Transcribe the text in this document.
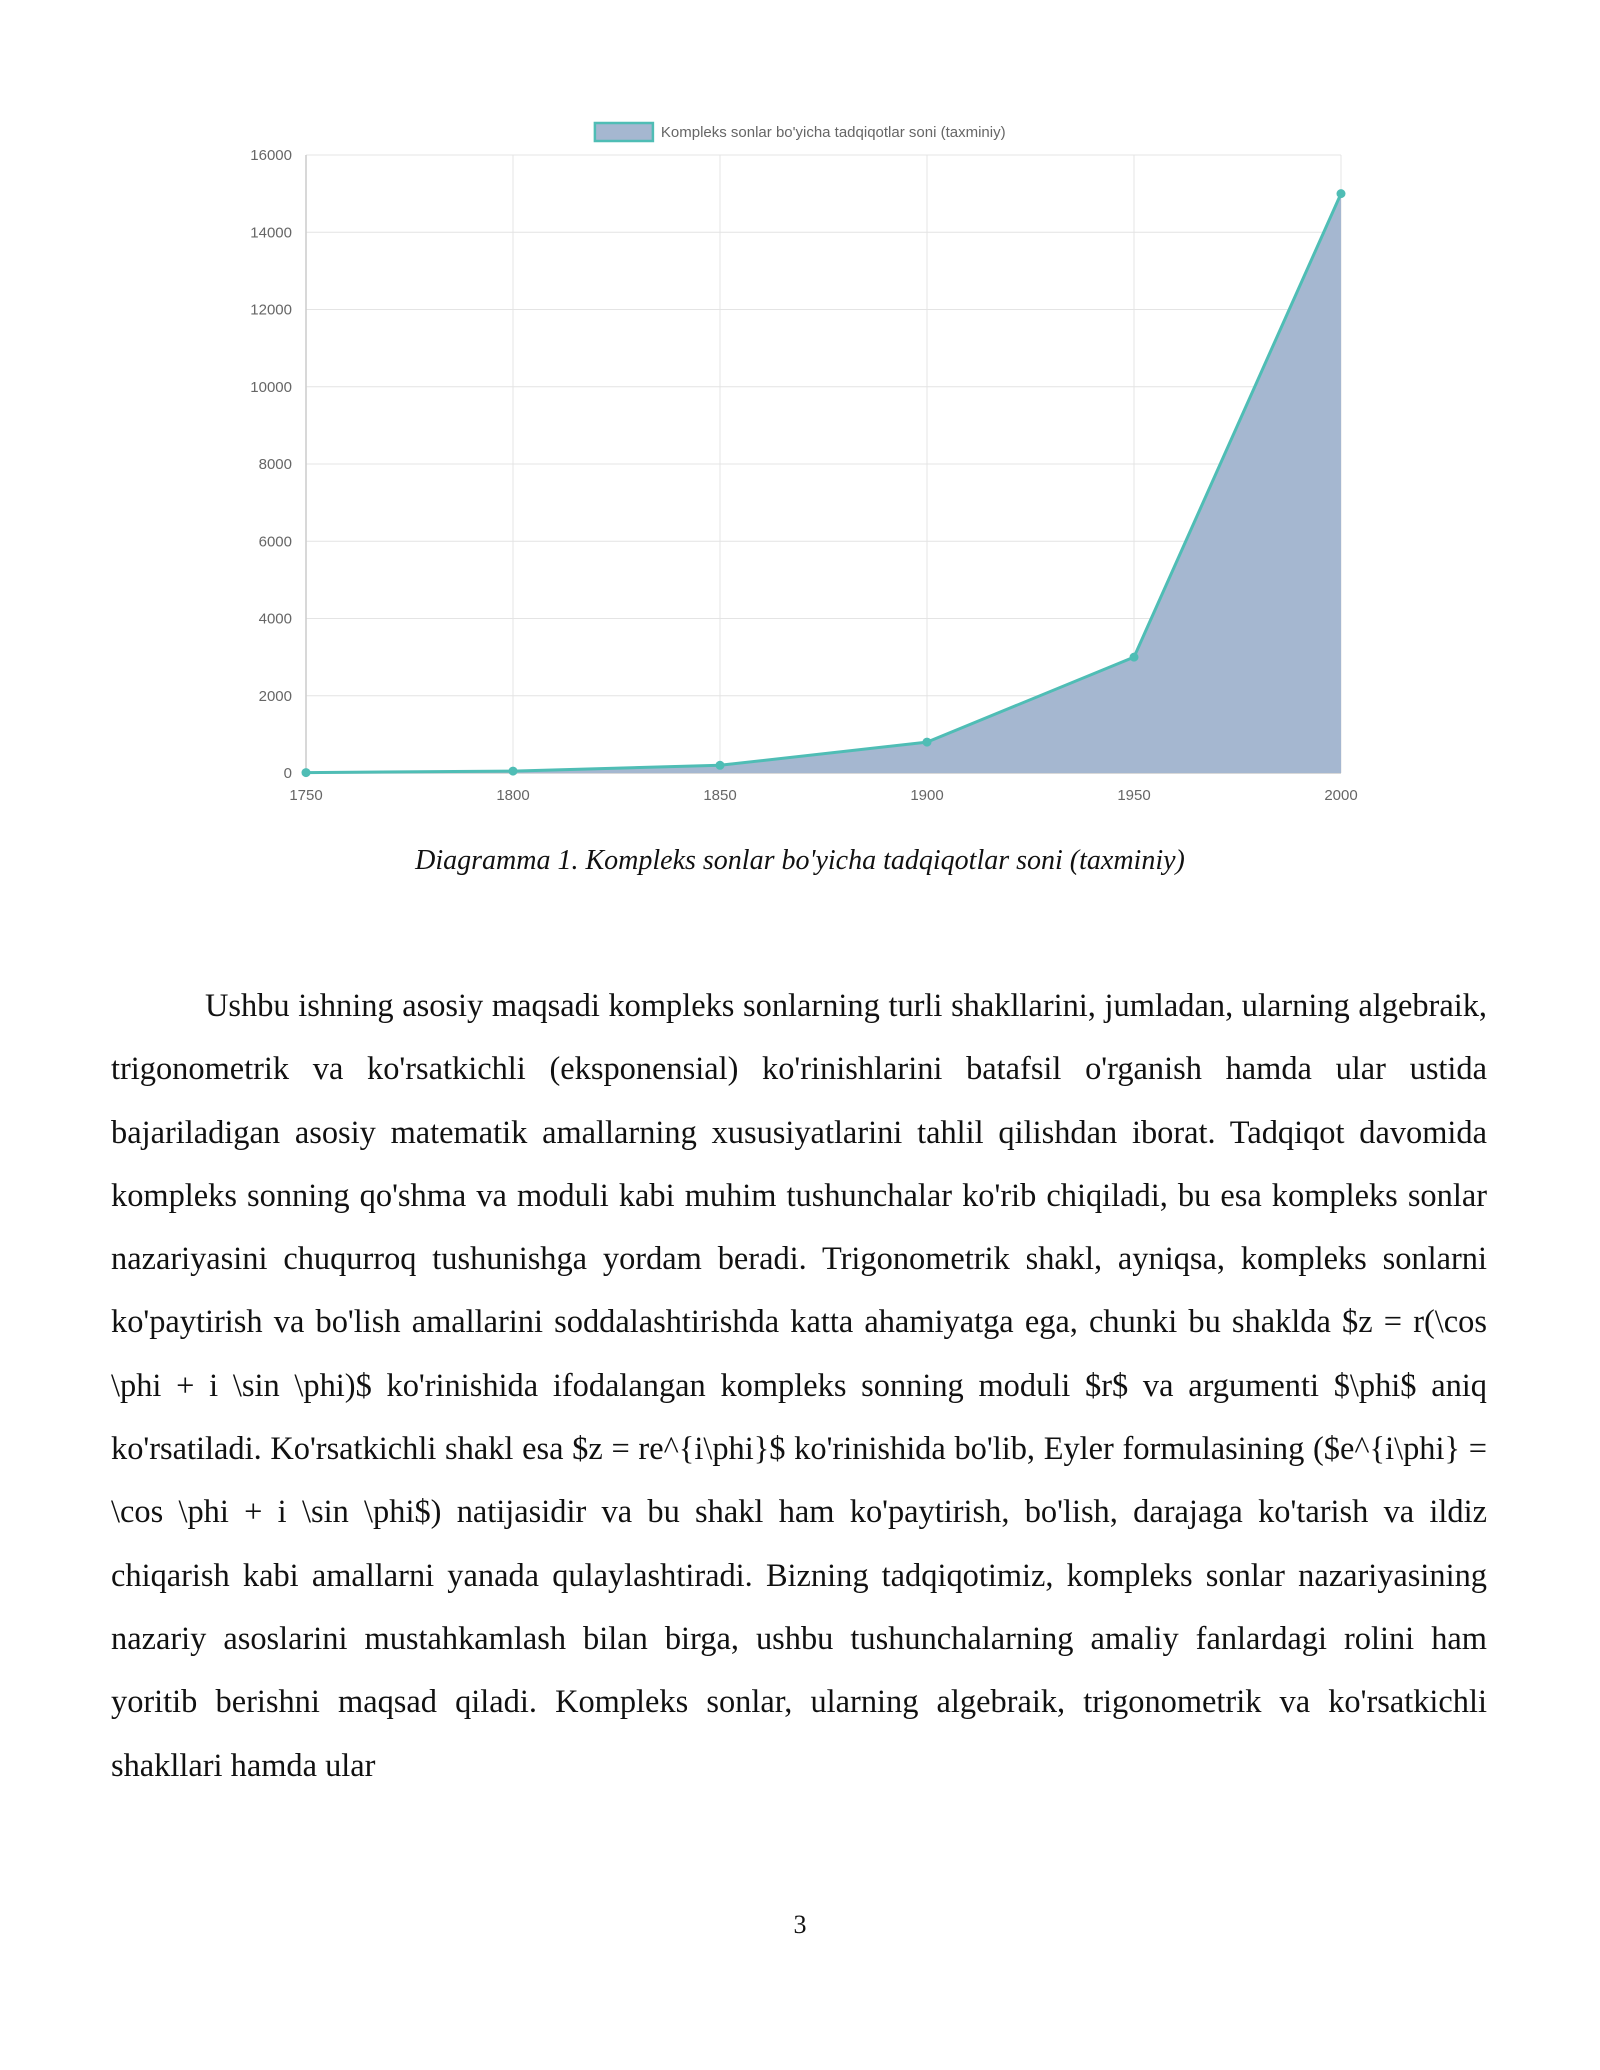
0
2000
4000
6000
8000
10000
12000
14000
16000
1750	1800	1850	1900	1950	2000
Kompleks sonlar bo'yicha tadqiqotlar soni (taxminiy)
Diagramma 1. Kompleks sonlar bo'yicha tadqiqotlar soni (taxminiy)

Ushbu ishning asosiy maqsadi kompleks sonlarning turli shakllarini, jumladan, ularning algebraik, trigonometrik va ko'rsatkichli (eksponensial) ko'rinishlarini batafsil o'rganish hamda ular ustida bajariladigan asosiy matematik amallarning xususiyatlarini tahlil qilishdan iborat. Tadqiqot davomida kompleks sonning qo'shma va moduli kabi muhim tushunchalar ko'rib chiqiladi, bu esa kompleks sonlar nazariyasini chuqurroq tushunishga yordam beradi. Trigonometrik shakl, ayniqsa, kompleks sonlarni ko'paytirish va bo'lish amallarini soddalashtirishda katta ahamiyatga ega, chunki bu shaklda $z = r(\cos \phi + i \sin \phi)$ ko'rinishida ifodalangan kompleks sonning moduli $r$ va argumenti $\phi$ aniq ko'rsatiladi. Ko'rsatkichli shakl esa $z = re^{i\phi}$ ko'rinishida bo'lib, Eyler formulasining ($e^{i\phi} = \cos \phi + i \sin \phi$) natijasidir va bu shakl ham ko'paytirish, bo'lish, darajaga ko'tarish va ildiz chiqarish kabi amallarni yanada qulaylashtiradi. Bizning tadqiqotimiz, kompleks sonlar nazariyasining nazariy asoslarini mustahkamlash bilan birga, ushbu tushunchalarning amaliy fanlardagi rolini ham yoritib berishni maqsad qiladi. Kompleks sonlar, ularning algebraik, trigonometrik va ko'rsatkichli shakllari hamda ular

3
